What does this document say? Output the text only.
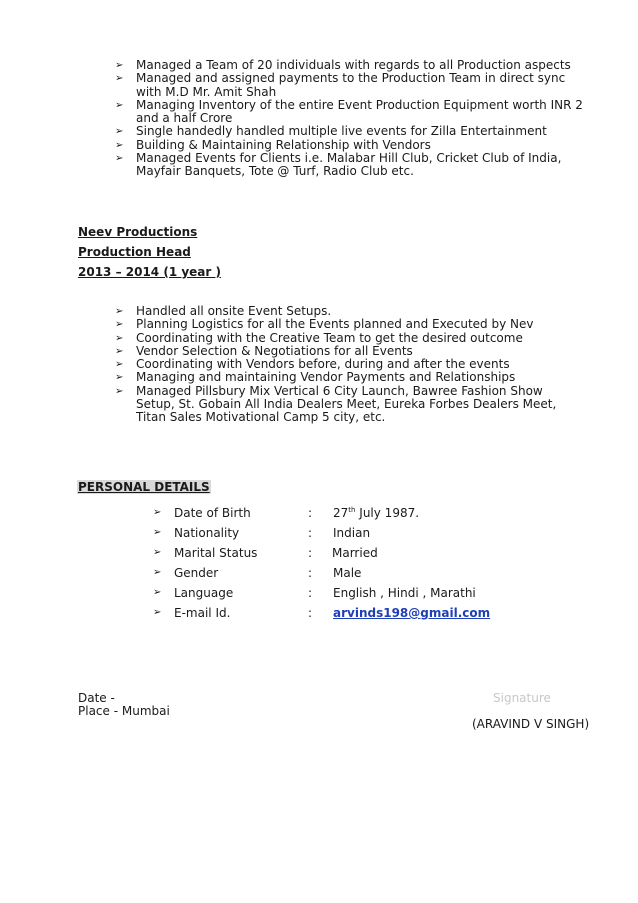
➢ Managed a Team of 20 individuals with regards to all Production aspects
➢ Managed and assigned payments to the Production Team in direct sync with M.D Mr. Amit Shah
➢ Managing Inventory of the entire Event Production Equipment worth INR 2 and a half Crore
➢ Single handedly handled multiple live events for Zilla Entertainment
➢ Building & Maintaining Relationship with Vendors
➢ Managed Events for Clients i.e. Malabar Hill Club, Cricket Club of India, Mayfair Banquets, Tote @ Turf, Radio Club etc.
Neev Productions
Production Head
2013 – 2014 (1 year )
➢ Handled all onsite Event Setups.
➢ Planning Logistics for all the Events planned and Executed by Nev
➢ Coordinating with the Creative Team to get the desired outcome
➢ Vendor Selection & Negotiations for all Events
➢ Coordinating with Vendors before, during and after the events
➢ Managing and maintaining Vendor Payments and Relationships
➢ Managed Pillsbury Mix Vertical 6 City Launch, Bawree Fashion Show Setup, St. Gobain All India Dealers Meet, Eureka Forbes Dealers Meet, Titan Sales Motivational Camp 5 city, etc.
PERSONAL DETAILS
➢ Date of Birth	: 27th July 1987.
➢ Nationality	: Indian
➢ Marital Status	: Married
➢ Gender	: Male
➢ Language	: English , Hindi , Marathi
➢ E-mail Id.	: arvinds198@gmail.com
Date -
Place - Mumbai
Signature
(ARAVIND V SINGH)
